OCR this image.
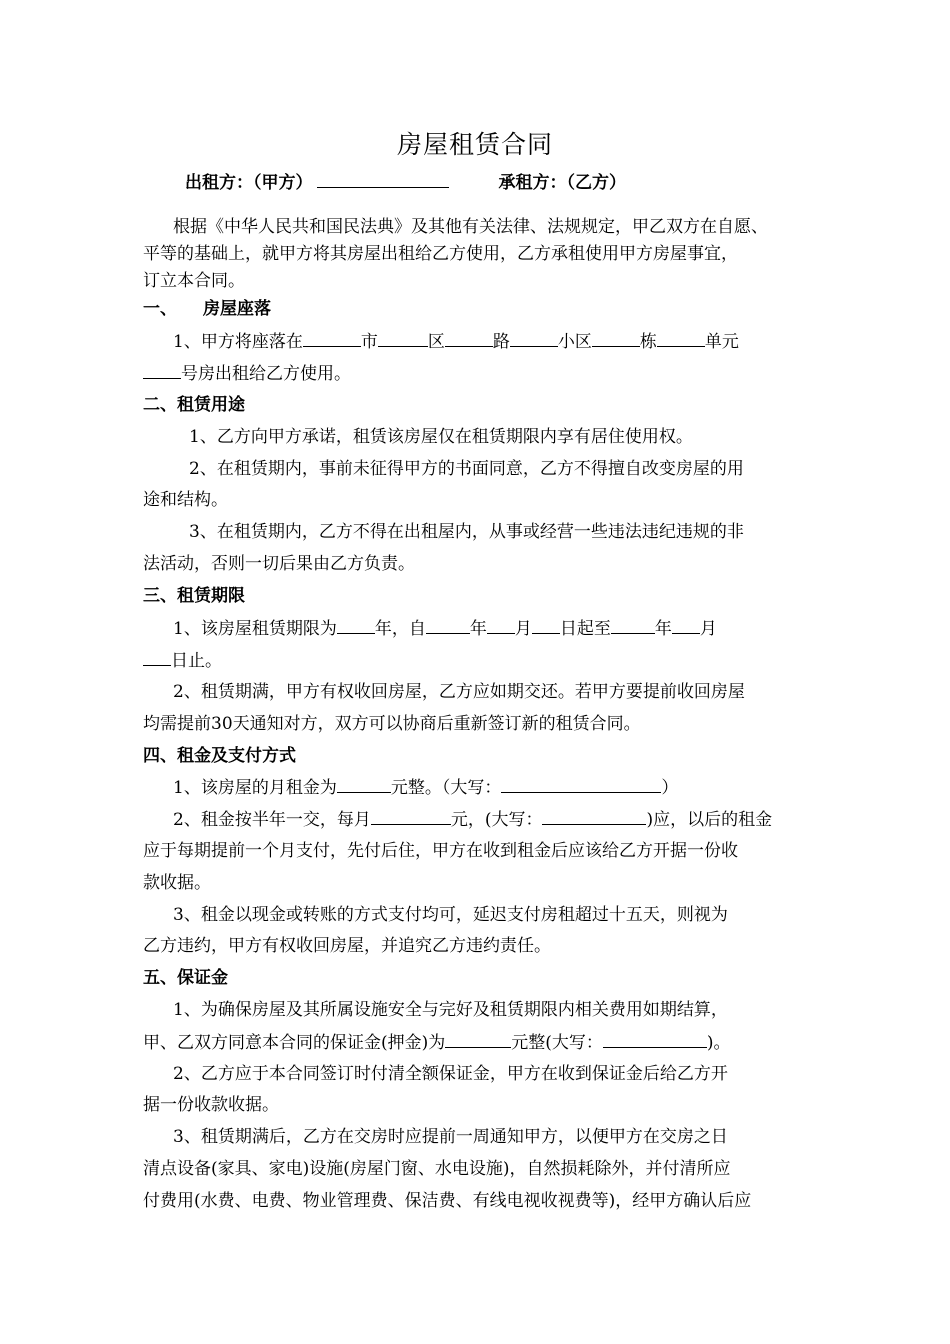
房屋租赁合同
出租方：（甲方）	承租方：（乙方）
根据《中华人民共和国民法典》及其他有关法律、法规规定，甲乙双方在自愿、
平等的基础上，就甲方将其房屋出租给乙方使用，乙方承租使用甲方房屋事宜，
订立本合同。
一、 房屋座落
1、甲方将座落在	市	区	路	小区	栋	单元
号房出租给乙方使用。
二、租赁用途
1、乙方向甲方承诺，租赁该房屋仅在租赁期限内享有居住使用权。
2、在租赁期内，事前未征得甲方的书面同意，乙方不得擅自改变房屋的用
途和结构。
3、在租赁期内，乙方不得在出租屋内，从事或经营一些违法违纪违规的非
法活动，否则一切后果由乙方负责。
三、租赁期限
1、该房屋租赁期限为 年，自	年 月 日起至	年 月
日止。
2、租赁期满，甲方有权收回房屋，乙方应如期交还。若甲方要提前收回房屋
均需提前30天通知对方，双方可以协商后重新签订新的租赁合同。
四、租金及支付方式
1、该房屋的月租金为	元整。（大写：	）
2、租金按半年一交，每月	元，(大写：	)应，以后的租金
应于每期提前一个月支付，先付后住，甲方在收到租金后应该给乙方开据一份收
款收据。
3、租金以现金或转账的方式支付均可，延迟支付房租超过十五天，则视为
乙方违约，甲方有权收回房屋，并追究乙方违约责任。
五、保证金
1、为确保房屋及其所属设施安全与完好及租赁期限内相关费用如期结算，
甲、乙双方同意本合同的保证金(押金)为	元整(大写：	)。
2、乙方应于本合同签订时付清全额保证金，甲方在收到保证金后给乙方开
据一份收款收据。
3、租赁期满后，乙方在交房时应提前一周通知甲方，以便甲方在交房之日
清点设备(家具、家电)设施(房屋门窗、水电设施)，自然损耗除外，并付清所应
付费用(水费、电费、物业管理费、保洁费、有线电视收视费等)，经甲方确认后应
